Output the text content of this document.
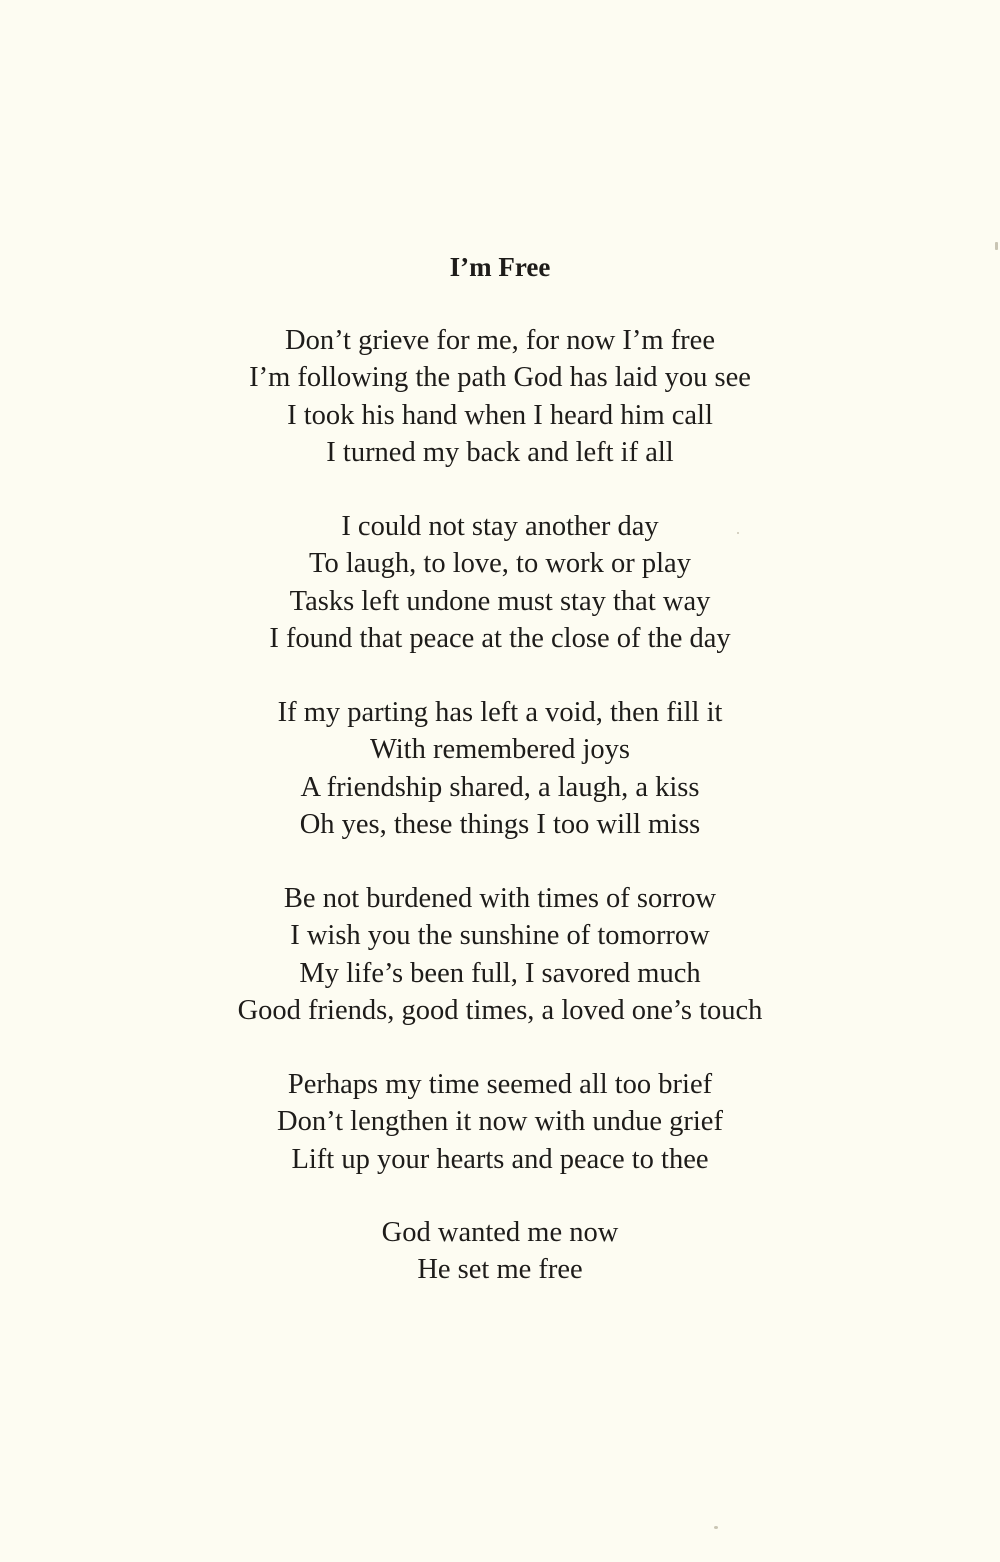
I’m Free
Don’t grieve for me, for now I’m free
I’m following the path God has laid you see
I took his hand when I heard him call
I turned my back and left if all
I could not stay another day
To laugh, to love, to work or play
Tasks left undone must stay that way
I found that peace at the close of the day
If my parting has left a void, then fill it
With remembered joys
A friendship shared, a laugh, a kiss
Oh yes, these things I too will miss
Be not burdened with times of sorrow
I wish you the sunshine of tomorrow
My life’s been full, I savored much
Good friends, good times, a loved one’s touch
Perhaps my time seemed all too brief
Don’t lengthen it now with undue grief
Lift up your hearts and peace to thee
God wanted me now
He set me free
